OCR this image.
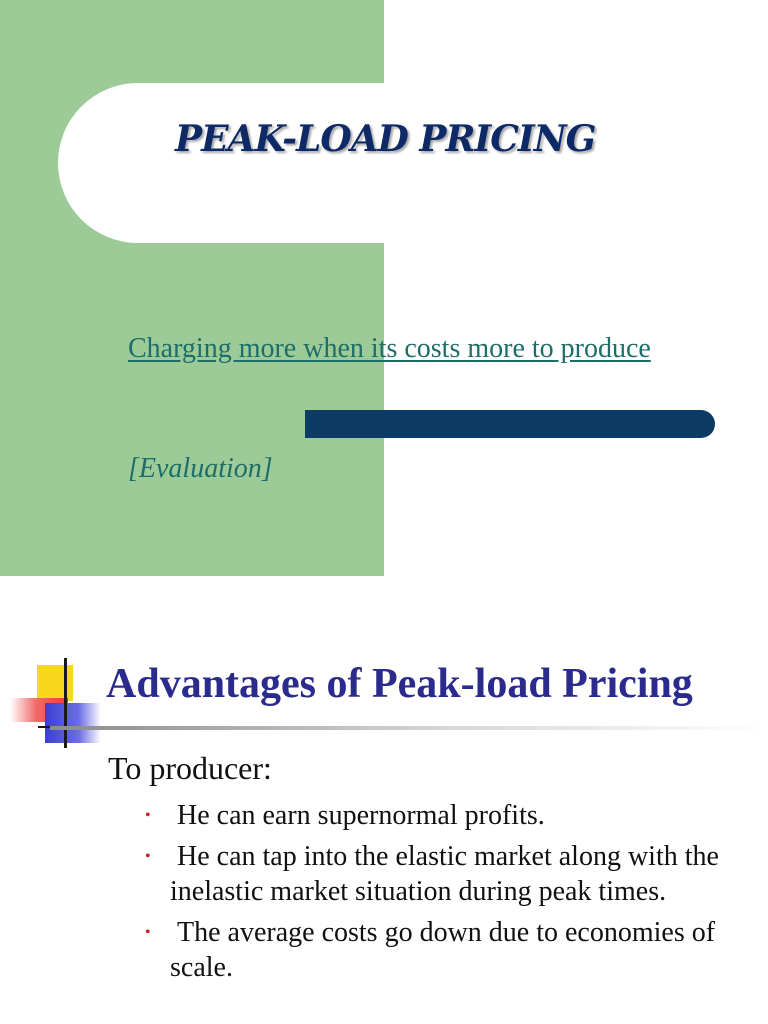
PEAK-LOAD PRICING

Charging more when its costs more to produce

[Evaluation]

Advantages of Peak-load Pricing

To producer:

• He can earn supernormal profits.
• He can tap into the elastic market along with the inelastic market situation during peak times.
• The average costs go down due to economies of scale.
